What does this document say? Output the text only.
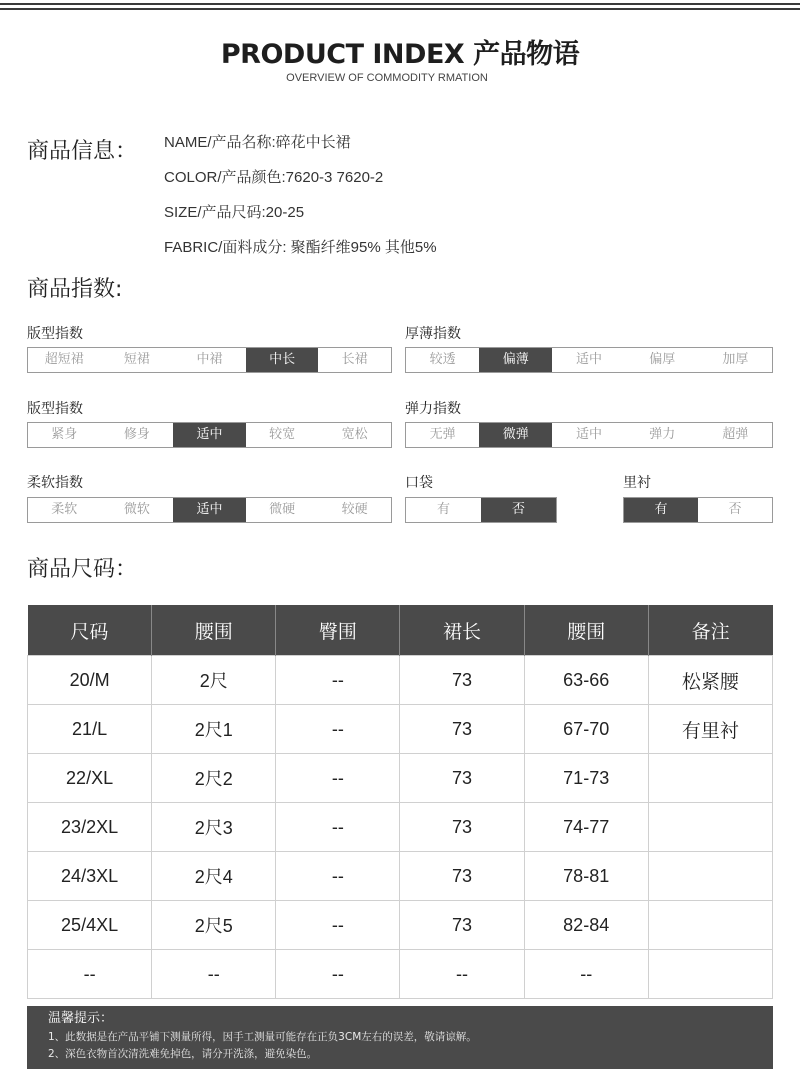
PRODUCT INDEX 产品物语
OVERVIEW OF COMMODITY RMATION
商品信息： NAME/产品名称:碎花中长裙
COLOR/产品颜色:7620-3 7620-2
SIZE/产品尺码:20-25
FABRIC/面料成分: 聚酯纤维95% 其他5%
商品指数:
版型指数
超短裙	短裙	中裙	中长	长裙
厚薄指数
较透	偏薄	适中	偏厚	加厚
版型指数
紧身	修身	适中	较宽	宽松
弹力指数
无弹	微弹	适中	弹力	超弹
柔软指数
柔软	微软	适中	微硬	较硬
口袋
有	否
里衬
有	否
商品尺码：
尺码	腰围	臀围	裙长	腰围	备注
20/M	2尺	--	73	63-66	松紧腰
21/L	2尺1	--	73	67-70	有里衬
22/XL	2尺2	--	73	71-73	
23/2XL	2尺3	--	73	74-77	
24/3XL	2尺4	--	73	78-81	
25/4XL	2尺5	--	73	82-84	
--	--	--	--	--	
温馨提示：
1、此数据是在产品平铺下测量所得，因手工测量可能存在正负3CM左右的误差，敬请谅解。
2、深色衣物首次清洗难免掉色，请分开洗涤，避免染色。
